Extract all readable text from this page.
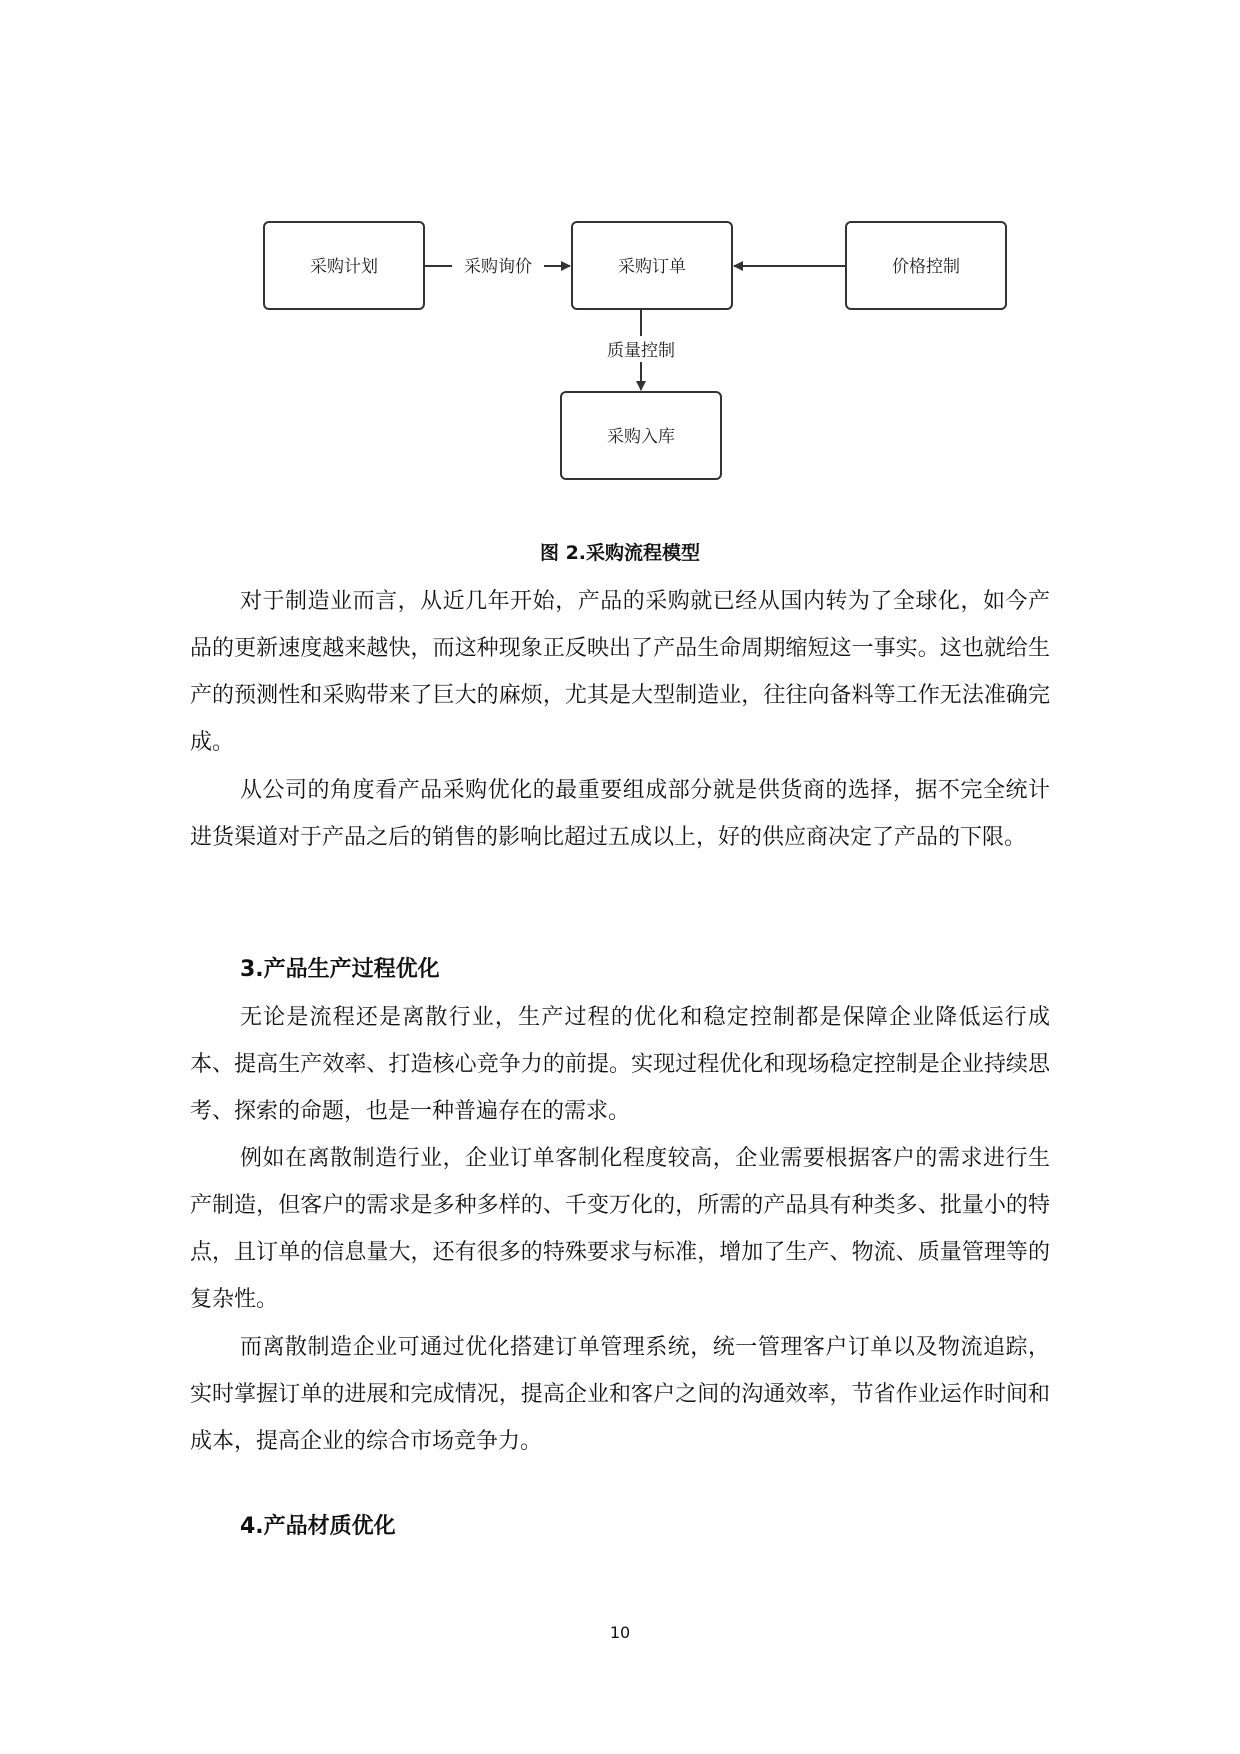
采购计划	采购订单	价格控制
采购入库
采购询价
质量控制
图 2.采购流程模型

对于制造业而言，从近几年开始，产品的采购就已经从国内转为了全球化，如今产品的更新速度越来越快，而这种现象正反映出了产品生命周期缩短这一事实。这也就给生产的预测性和采购带来了巨大的麻烦，尤其是大型制造业，往往向备料等工作无法准确完成。

从公司的角度看产品采购优化的最重要组成部分就是供货商的选择，据不完全统计进货渠道对于产品之后的销售的影响比超过五成以上，好的供应商决定了产品的下限。

3.产品生产过程优化

无论是流程还是离散行业，生产过程的优化和稳定控制都是保障企业降低运行成本、提高生产效率、打造核心竞争力的前提。实现过程优化和现场稳定控制是企业持续思考、探索的命题，也是一种普遍存在的需求。

例如在离散制造行业，企业订单客制化程度较高，企业需要根据客户的需求进行生产制造，但客户的需求是多种多样的、千变万化的，所需的产品具有种类多、批量小的特点，且订单的信息量大，还有很多的特殊要求与标准，增加了生产、物流、质量管理等的复杂性。

而离散制造企业可通过优化搭建订单管理系统，统一管理客户订单以及物流追踪，实时掌握订单的进展和完成情况，提高企业和客户之间的沟通效率，节省作业运作时间和成本，提高企业的综合市场竞争力。

4.产品材质优化
10
